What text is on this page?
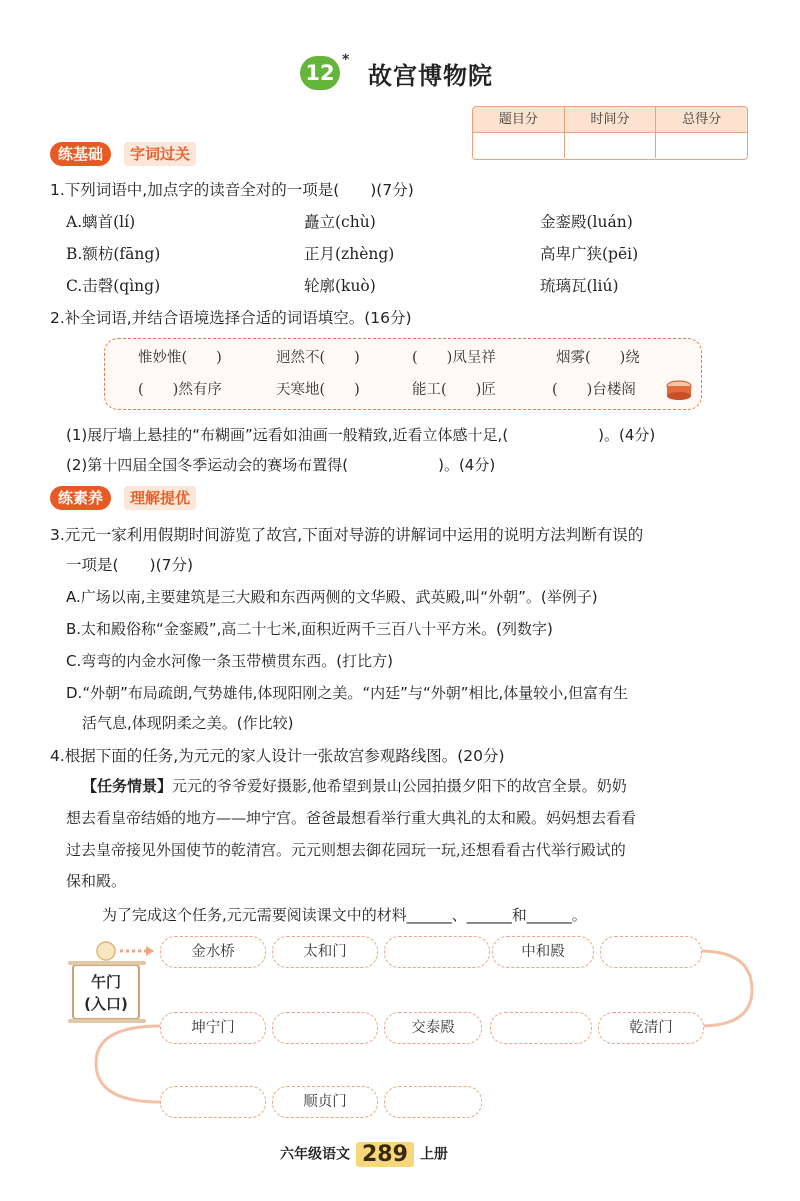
12
*
故宫博物院
题目分	时间分	总得分
练基础	字词过关
1.下列词语中,加点字的读音全对的一项是(　　)(7分)
A.螭首(lí)	矗立(chù)	金銮殿(luán)
B.额枋(fāng)	正月(zhèng)	高卑广狭(pēi)
C.击磬(qìng)	轮廓(kuò)	琉璃瓦(liú)
2.补全词语,并结合语境选择合适的词语填空。(16分)
惟妙惟(　　)	迥然不(　　)	(　　)凤呈祥	烟雾(　　)绕
(　　)然有序	天寒地(　　)	能工(　　)匠	(　　)台楼阁
(1)展厅墙上悬挂的“布糊画”远看如油画一般精致,近看立体感十足,(　　　　　　)。(4分)
(2)第十四届全国冬季运动会的赛场布置得(　　　　　　)。(4分)
练素养	理解提优
3.元元一家利用假期时间游览了故宫,下面对导游的讲解词中运用的说明方法判断有误的
一项是(　　)(7分)
A.广场以南,主要建筑是三大殿和东西两侧的文华殿、武英殿,叫“外朝”。(举例子)
B.太和殿俗称“金銮殿”,高二十七米,面积近两千三百八十平方米。(列数字)
C.弯弯的内金水河像一条玉带横贯东西。(打比方)
D.“外朝”布局疏朗,气势雄伟,体现阳刚之美。“内廷”与“外朝”相比,体量较小,但富有生
活气息,体现阴柔之美。(作比较)
4.根据下面的任务,为元元的家人设计一张故宫参观路线图。(20分)
【任务情景】元元的爷爷爱好摄影,他希望到景山公园拍摄夕阳下的故宫全景。奶奶
想去看皇帝结婚的地方——坤宁宫。爸爸最想看举行重大典礼的太和殿。妈妈想去看看
过去皇帝接见外国使节的乾清宫。元元则想去御花园玩一玩,还想看看古代举行殿试的
保和殿。
为了完成这个任务,元元需要阅读课文中的材料______、______和______。
金水桥	太和门	中和殿
午门
(入口)
坤宁门	交泰殿	乾清门
顺贞门
六年级语文 289 上册
